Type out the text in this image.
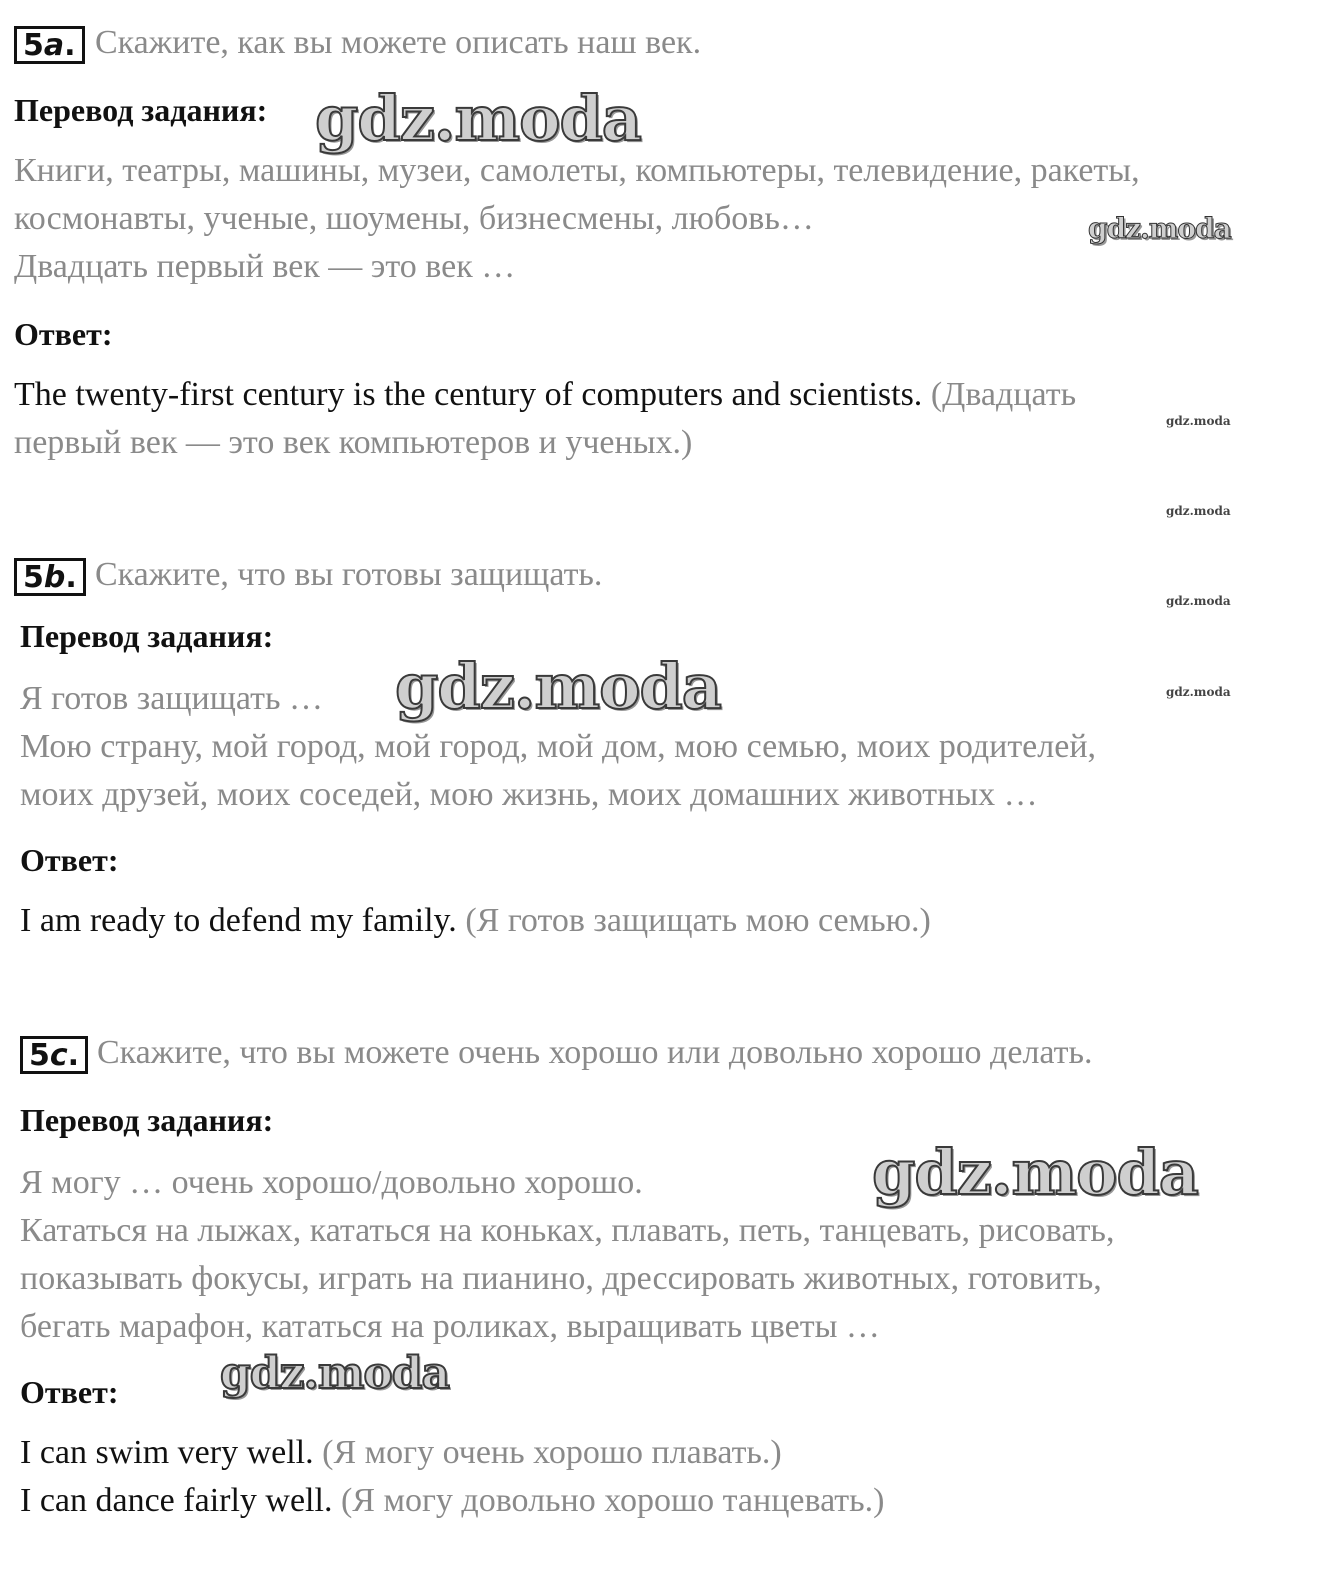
5 a . Скажите, как вы можете описать наш век.
Перевод задания:
Книги, театры, машины, музеи, самолеты, компьютеры, телевидение, ракеты,
космонавты, ученые, шоумены, бизнесмены, любовь…
Двадцать первый век — это век …
Ответ:
The twenty-first century is the century of computers and scientists. (Двадцать
первый век — это век компьютеров и ученых.)
5 b . Скажите, что вы готовы защищать.
Перевод задания:
Я готов защищать …
Мою страну, мой город, мой город, мой дом, мою семью, моих родителей,
моих друзей, моих соседей, мою жизнь, моих домашних животных …
Ответ:
I am ready to defend my family. (Я готов защищать мою семью.)
5 c . Скажите, что вы можете очень хорошо или довольно хорошо делать.
Перевод задания:
Я могу … очень хорошо/довольно хорошо.
Кататься на лыжах, кататься на коньках, плавать, петь, танцевать, рисовать,
показывать фокусы, играть на пианино, дрессировать животных, готовить,
бегать марафон, кататься на роликах, выращивать цветы …
Ответ:
I can swim very well. (Я могу очень хорошо плавать.)
I can dance fairly well. (Я могу довольно хорошо танцевать.)
gdz.moda
gdz.moda
gdz.moda
gdz.moda
gdz.moda
gdz.moda
gdz.moda
gdz.moda
gdz.moda
